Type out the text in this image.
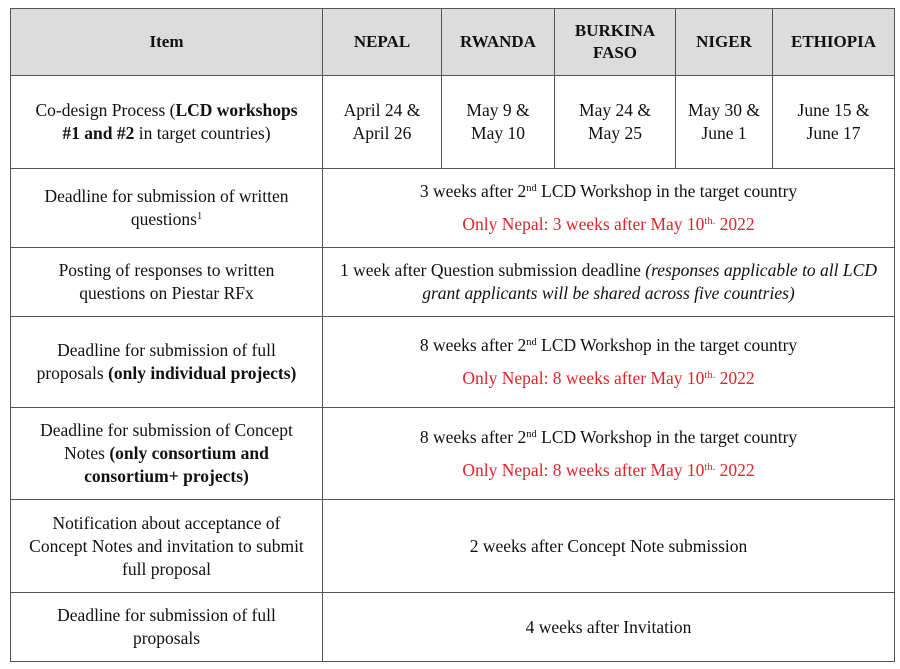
Item	NEPAL	RWANDA	BURKINA FASO	NIGER	ETHIOPIA
Co-design Process (LCD workshops #1 and #2 in target countries)	April 24 & April 26	May 9 & May 10	May 24 & May 25	May 30 & June 1	June 15 & June 17
Deadline for submission of written questions$^1$	3 weeks after 2nd LCD Workshop in the target country
Only Nepal: 3 weeks after May $10^{th.}$ 2022				

Posting of responses to written questions on Piestar RFx	1 week after Question submission deadline (responses applicable to all LCD grant applicants will be shared across five countries)				
Deadline for submission of full proposals (only individual projects)	8 weeks after 2nd LCD Workshop in the target country
Only Nepal: 8 weeks after May $10^{th.}$ 2022				

Deadline for submission of Concept Notes (only consortium and consortium+ projects)	8 weeks after 2nd LCD Workshop in the target country
Only Nepal: 8 weeks after May $10^{th.}$ 2022				

Notification about acceptance of Concept Notes and invitation to submit full proposal	2 weeks after Concept Note submission				
Deadline for submission of full proposals	4 weeks after Invitation				
